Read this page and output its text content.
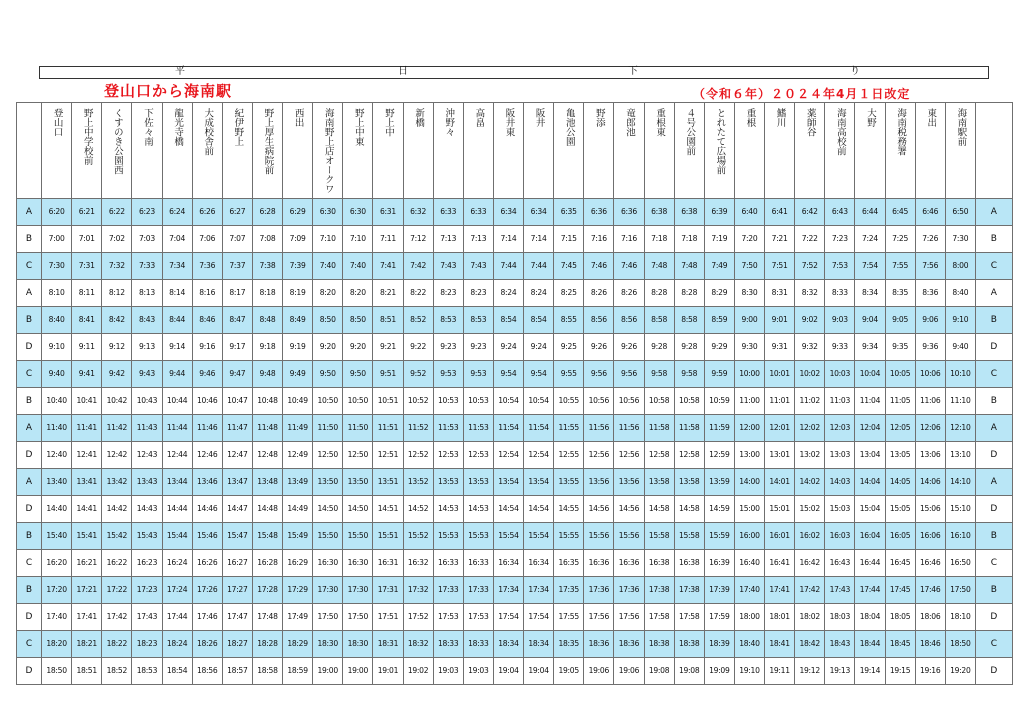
平	日	下	り
登山口から海南駅	（令和６年）２０２４年4月１日改定
	登山口	野上中学校前	くすのき公園西	下佐々南	龍光寺橋	大成校舎前	紀伊野上	野上厚生病院前	西出	海南野上店オークワ	野上中東	野上中	新橋	沖野々	高畠	阪井東	阪井	亀池公園	野添	竜郎池	重根東	４号公園前	とれたて広場前	重根	鰭川	薬師谷	海南高校前	大野	海南税務署	東出	海南駅前	
A	6:20	6:21	6:22	6:23	6:24	6:26	6:27	6:28	6:29	6:30	6:30	6:31	6:32	6:33	6:33	6:34	6:34	6:35	6:36	6:36	6:38	6:38	6:39	6:40	6:41	6:42	6:43	6:44	6:45	6:46	6:50	A
B	7:00	7:01	7:02	7:03	7:04	7:06	7:07	7:08	7:09	7:10	7:10	7:11	7:12	7:13	7:13	7:14	7:14	7:15	7:16	7:16	7:18	7:18	7:19	7:20	7:21	7:22	7:23	7:24	7:25	7:26	7:30	B
C	7:30	7:31	7:32	7:33	7:34	7:36	7:37	7:38	7:39	7:40	7:40	7:41	7:42	7:43	7:43	7:44	7:44	7:45	7:46	7:46	7:48	7:48	7:49	7:50	7:51	7:52	7:53	7:54	7:55	7:56	8:00	C
A	8:10	8:11	8:12	8:13	8:14	8:16	8:17	8:18	8:19	8:20	8:20	8:21	8:22	8:23	8:23	8:24	8:24	8:25	8:26	8:26	8:28	8:28	8:29	8:30	8:31	8:32	8:33	8:34	8:35	8:36	8:40	A
B	8:40	8:41	8:42	8:43	8:44	8:46	8:47	8:48	8:49	8:50	8:50	8:51	8:52	8:53	8:53	8:54	8:54	8:55	8:56	8:56	8:58	8:58	8:59	9:00	9:01	9:02	9:03	9:04	9:05	9:06	9:10	B
D	9:10	9:11	9:12	9:13	9:14	9:16	9:17	9:18	9:19	9:20	9:20	9:21	9:22	9:23	9:23	9:24	9:24	9:25	9:26	9:26	9:28	9:28	9:29	9:30	9:31	9:32	9:33	9:34	9:35	9:36	9:40	D
C	9:40	9:41	9:42	9:43	9:44	9:46	9:47	9:48	9:49	9:50	9:50	9:51	9:52	9:53	9:53	9:54	9:54	9:55	9:56	9:56	9:58	9:58	9:59	10:00	10:01	10:02	10:03	10:04	10:05	10:06	10:10	C
B	10:40	10:41	10:42	10:43	10:44	10:46	10:47	10:48	10:49	10:50	10:50	10:51	10:52	10:53	10:53	10:54	10:54	10:55	10:56	10:56	10:58	10:58	10:59	11:00	11:01	11:02	11:03	11:04	11:05	11:06	11:10	B
A	11:40	11:41	11:42	11:43	11:44	11:46	11:47	11:48	11:49	11:50	11:50	11:51	11:52	11:53	11:53	11:54	11:54	11:55	11:56	11:56	11:58	11:58	11:59	12:00	12:01	12:02	12:03	12:04	12:05	12:06	12:10	A
D	12:40	12:41	12:42	12:43	12:44	12:46	12:47	12:48	12:49	12:50	12:50	12:51	12:52	12:53	12:53	12:54	12:54	12:55	12:56	12:56	12:58	12:58	12:59	13:00	13:01	13:02	13:03	13:04	13:05	13:06	13:10	D
A	13:40	13:41	13:42	13:43	13:44	13:46	13:47	13:48	13:49	13:50	13:50	13:51	13:52	13:53	13:53	13:54	13:54	13:55	13:56	13:56	13:58	13:58	13:59	14:00	14:01	14:02	14:03	14:04	14:05	14:06	14:10	A
D	14:40	14:41	14:42	14:43	14:44	14:46	14:47	14:48	14:49	14:50	14:50	14:51	14:52	14:53	14:53	14:54	14:54	14:55	14:56	14:56	14:58	14:58	14:59	15:00	15:01	15:02	15:03	15:04	15:05	15:06	15:10	D
B	15:40	15:41	15:42	15:43	15:44	15:46	15:47	15:48	15:49	15:50	15:50	15:51	15:52	15:53	15:53	15:54	15:54	15:55	15:56	15:56	15:58	15:58	15:59	16:00	16:01	16:02	16:03	16:04	16:05	16:06	16:10	B
C	16:20	16:21	16:22	16:23	16:24	16:26	16:27	16:28	16:29	16:30	16:30	16:31	16:32	16:33	16:33	16:34	16:34	16:35	16:36	16:36	16:38	16:38	16:39	16:40	16:41	16:42	16:43	16:44	16:45	16:46	16:50	C
B	17:20	17:21	17:22	17:23	17:24	17:26	17:27	17:28	17:29	17:30	17:30	17:31	17:32	17:33	17:33	17:34	17:34	17:35	17:36	17:36	17:38	17:38	17:39	17:40	17:41	17:42	17:43	17:44	17:45	17:46	17:50	B
D	17:40	17:41	17:42	17:43	17:44	17:46	17:47	17:48	17:49	17:50	17:50	17:51	17:52	17:53	17:53	17:54	17:54	17:55	17:56	17:56	17:58	17:58	17:59	18:00	18:01	18:02	18:03	18:04	18:05	18:06	18:10	D
C	18:20	18:21	18:22	18:23	18:24	18:26	18:27	18:28	18:29	18:30	18:30	18:31	18:32	18:33	18:33	18:34	18:34	18:35	18:36	18:36	18:38	18:38	18:39	18:40	18:41	18:42	18:43	18:44	18:45	18:46	18:50	C
D	18:50	18:51	18:52	18:53	18:54	18:56	18:57	18:58	18:59	19:00	19:00	19:01	19:02	19:03	19:03	19:04	19:04	19:05	19:06	19:06	19:08	19:08	19:09	19:10	19:11	19:12	19:13	19:14	19:15	19:16	19:20	D
